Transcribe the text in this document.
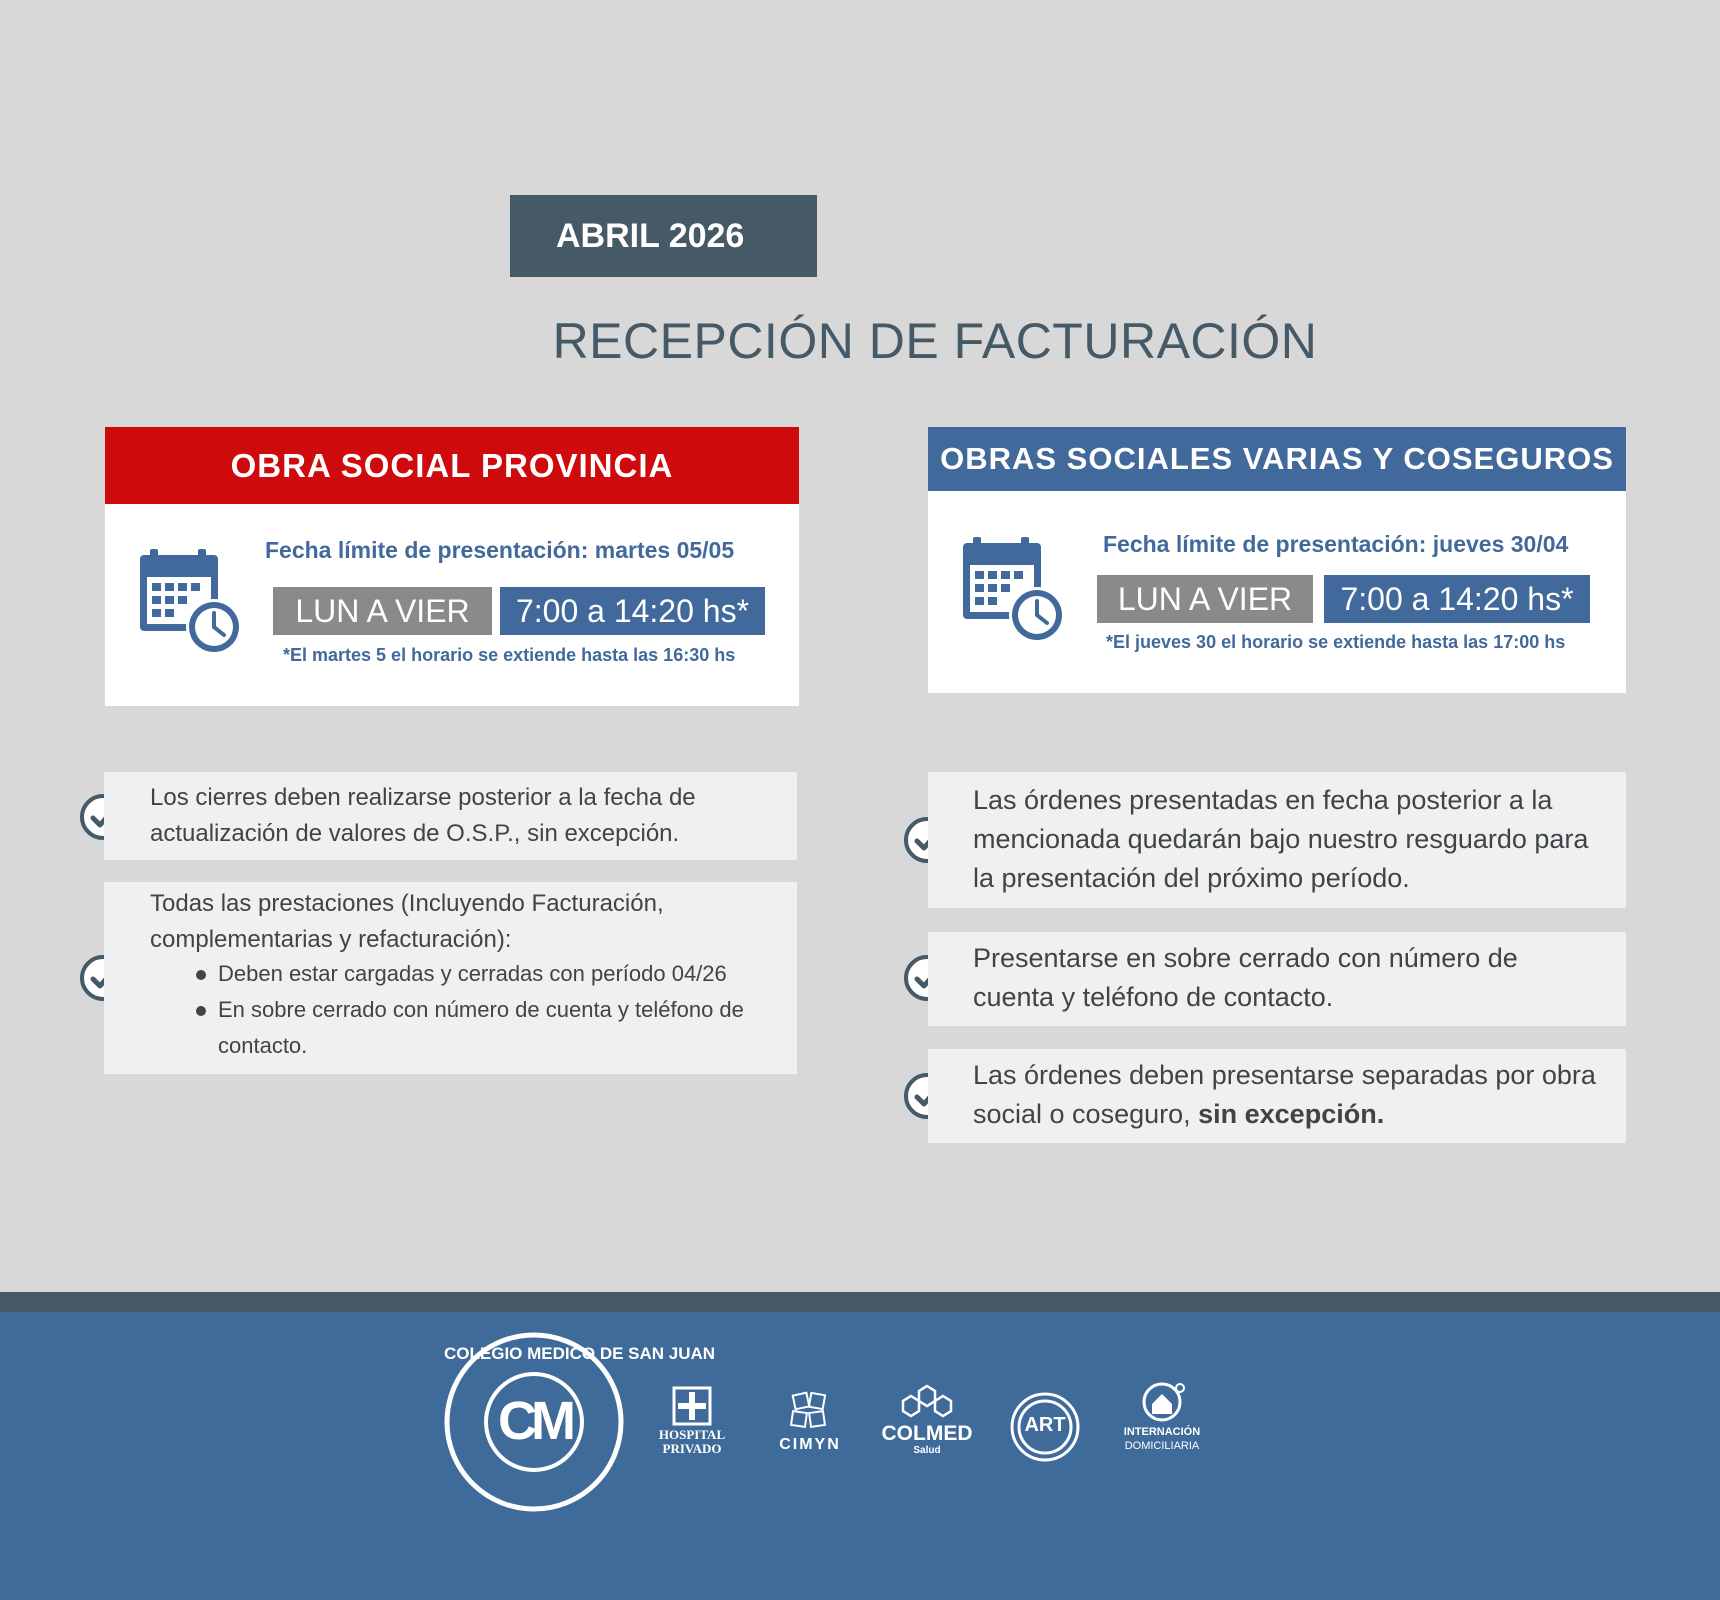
ABRIL 2026
RECEPCIÓN DE FACTURACIÓN
OBRA SOCIAL PROVINCIA
Fecha límite de presentación: martes 05/05
LUN A VIER	7:00 a 14:20 hs*
*El martes 5 el horario se extiende hasta las 16:30 hs
OBRAS SOCIALES VARIAS Y COSEGUROS
Fecha límite de presentación: jueves 30/04
LUN A VIER	7:00 a 14:20 hs*
*El jueves 30 el horario se extiende hasta las 17:00 hs
Los cierres deben realizarse posterior a la fecha de actualización de valores de O.S.P., sin excepción.
Todas las prestaciones (Incluyendo Facturación, complementarias y refacturación):
Deben estar cargadas y cerradas con período 04/26
En sobre cerrado con número de cuenta y teléfono de contacto.
Las órdenes presentadas en fecha posterior a la mencionada quedarán bajo nuestro resguardo para la presentación del próximo período.
Presentarse en sobre cerrado con número de cuenta y teléfono de contacto.
Las órdenes deben presentarse separadas por obra social o coseguro, sin excepción.
COLEGIO MEDICO DE SAN JUAN
CM	HOSPITAL PRIVADO	CIMYN	COLMED
Salud
ART	INTERNACIÓN
DOMICILIARIA
